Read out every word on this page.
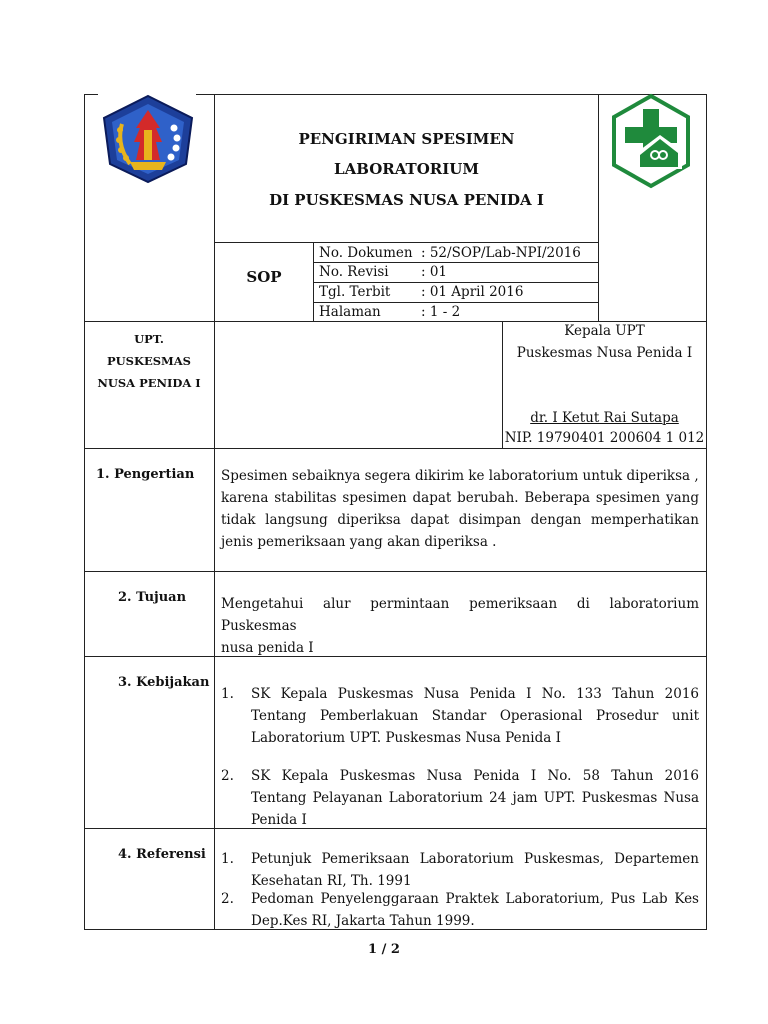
PENGIRIMAN SPESIMEN
LABORATORIUM
DI PUSKESMAS NUSA PENIDA I
SOP
No. Dokumen : 52/SOP/Lab-NPI/2016
No. Revisi : 01
Tgl. Terbit : 01 April 2016
Halaman	: 1 - 2
UPT.
PUSKESMAS
NUSA PENIDA I
Kepala UPT
Puskesmas Nusa Penida I
dr. I Ketut Rai Sutapa
NIP. 19790401 200604 1 012
1. Pengertian Spesimen sebaiknya segera dikirim ke laboratorium untuk diperiksa ,
karena stabilitas spesimen dapat berubah. Beberapa spesimen yang
tidak langsung diperiksa dapat disimpan dengan memperhatikan
jenis pemeriksaan yang akan diperiksa .
2. Tujuan	Mengetahui alur permintaan pemeriksaan di laboratorium Puskesmas
nusa penida I
3. Kebijakan
1. SK Kepala Puskesmas Nusa Penida I No. 133 Tahun 2016
Tentang Pemberlakuan Standar Operasional Prosedur unit
Laboratorium UPT. Puskesmas Nusa Penida I
2. SK Kepala Puskesmas Nusa Penida I No. 58 Tahun 2016
Tentang Pelayanan Laboratorium 24 jam UPT. Puskesmas Nusa
Penida I
4. Referensi 1. Petunjuk Pemeriksaan Laboratorium Puskesmas, Departemen
Kesehatan RI, Th. 1991
2. Pedoman Penyelenggaraan Praktek Laboratorium, Pus Lab Kes
Dep.Kes RI, Jakarta Tahun 1999.
1 / 2
